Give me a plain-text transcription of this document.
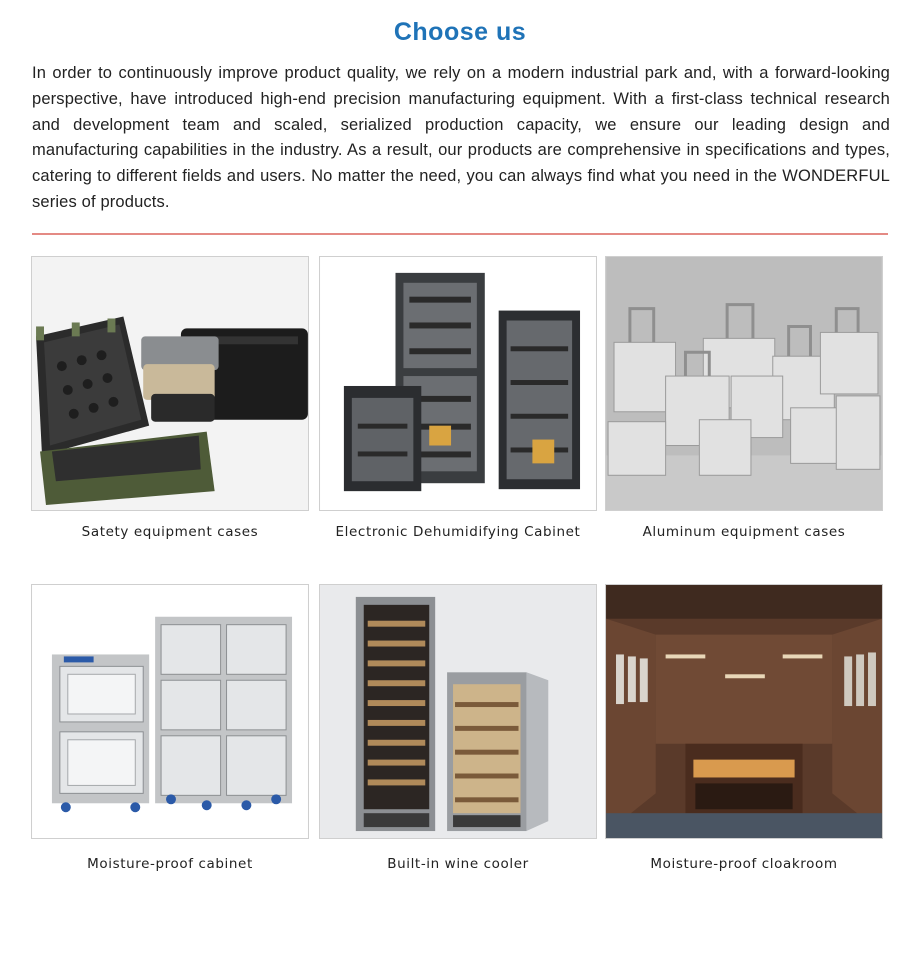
Choose us
In order to continuously improve product quality, we rely on a modern industrial park and, with a forward-looking perspective, have introduced high-end precision manufacturing equipment. With a first-class technical research and development team and scaled, serialized production capacity, we ensure our leading design and manufacturing capabilities in the industry. As a result, our products are comprehensive in specifications and types, catering to different fields and users. No matter the need, you can always find what you need in the WONDERFUL series of products.
Satety equipment cases	Electronic Dehumidifying Cabinet	Aluminum equipment cases
Moisture-proof cabinet	Built-in wine cooler	Moisture-proof cloakroom
